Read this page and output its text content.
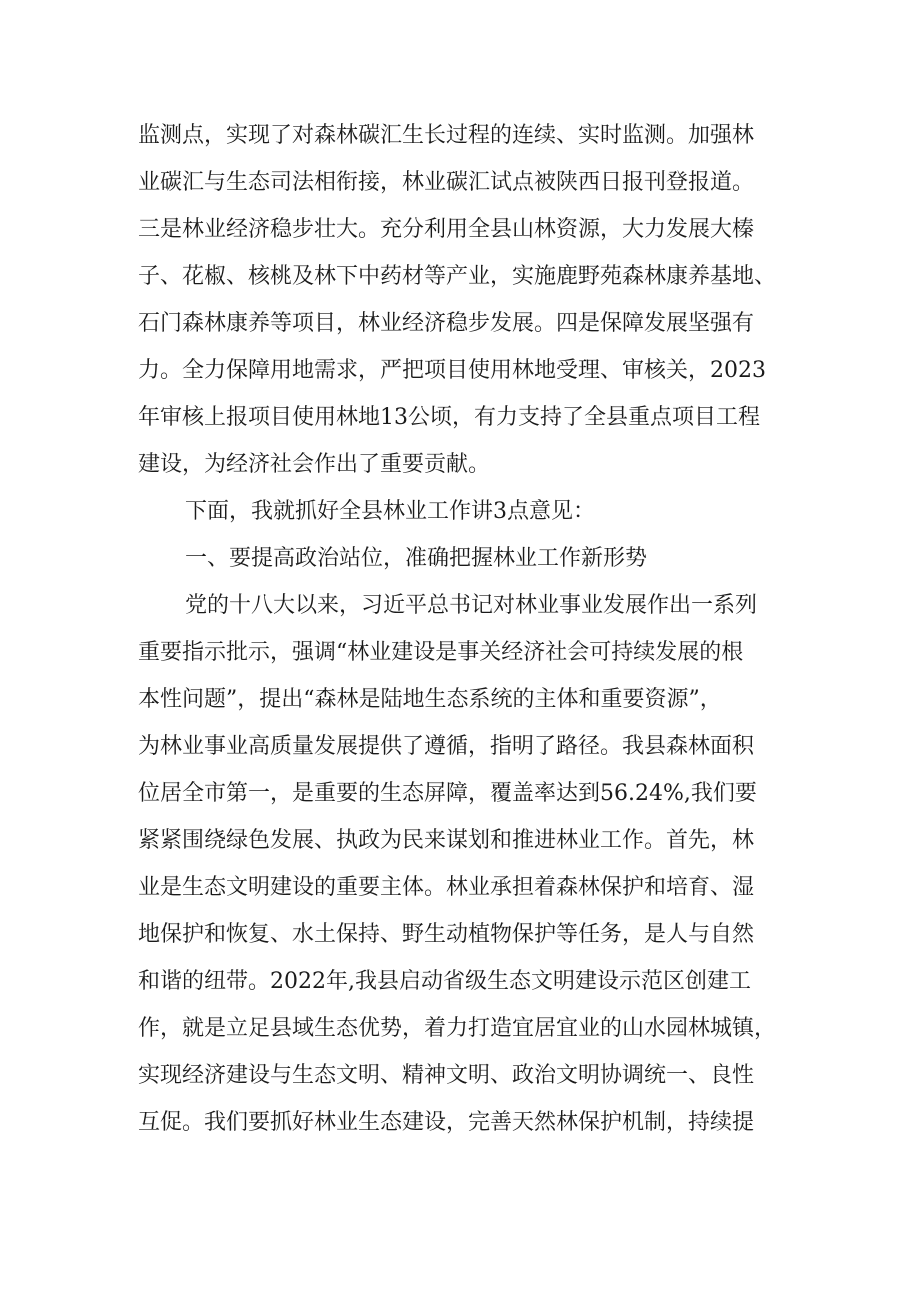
监测点，实现了对森林碳汇生长过程的连续、实时监测。加强林
业碳汇与生态司法相衔接，林业碳汇试点被陕西日报刊登报道。
三是林业经济稳步壮大。充分利用全县山林资源，大力发展大榛
子、花椒、核桃及林下中药材等产业，实施鹿野苑森林康养基地、
石门森林康养等项目，林业经济稳步发展。四是保障发展坚强有
力。全力保障用地需求，严把项目使用林地受理、审核关，2023
年审核上报项目使用林地13公顷，有力支持了全县重点项目工程
建设，为经济社会作出了重要贡献。
下面，我就抓好全县林业工作讲3点意见：
一、要提高政治站位，准确把握林业工作新形势
党的十八大以来，习近平总书记对林业事业发展作出一系列
重要指示批示，强调“林业建设是事关经济社会可持续发展的根
本性问题”，提出“森林是陆地生态系统的主体和重要资源”，
为林业事业高质量发展提供了遵循，指明了路径。我县森林面积
位居全市第一，是重要的生态屏障，覆盖率达到56.24%,我们要
紧紧围绕绿色发展、执政为民来谋划和推进林业工作。首先，林
业是生态文明建设的重要主体。林业承担着森林保护和培育、湿
地保护和恢复、水土保持、野生动植物保护等任务，是人与自然
和谐的纽带。2022年,我县启动省级生态文明建设示范区创建工
作，就是立足县域生态优势，着力打造宜居宜业的山水园林城镇，
实现经济建设与生态文明、精神文明、政治文明协调统一、良性
互促。我们要抓好林业生态建设，完善天然林保护机制，持续提
